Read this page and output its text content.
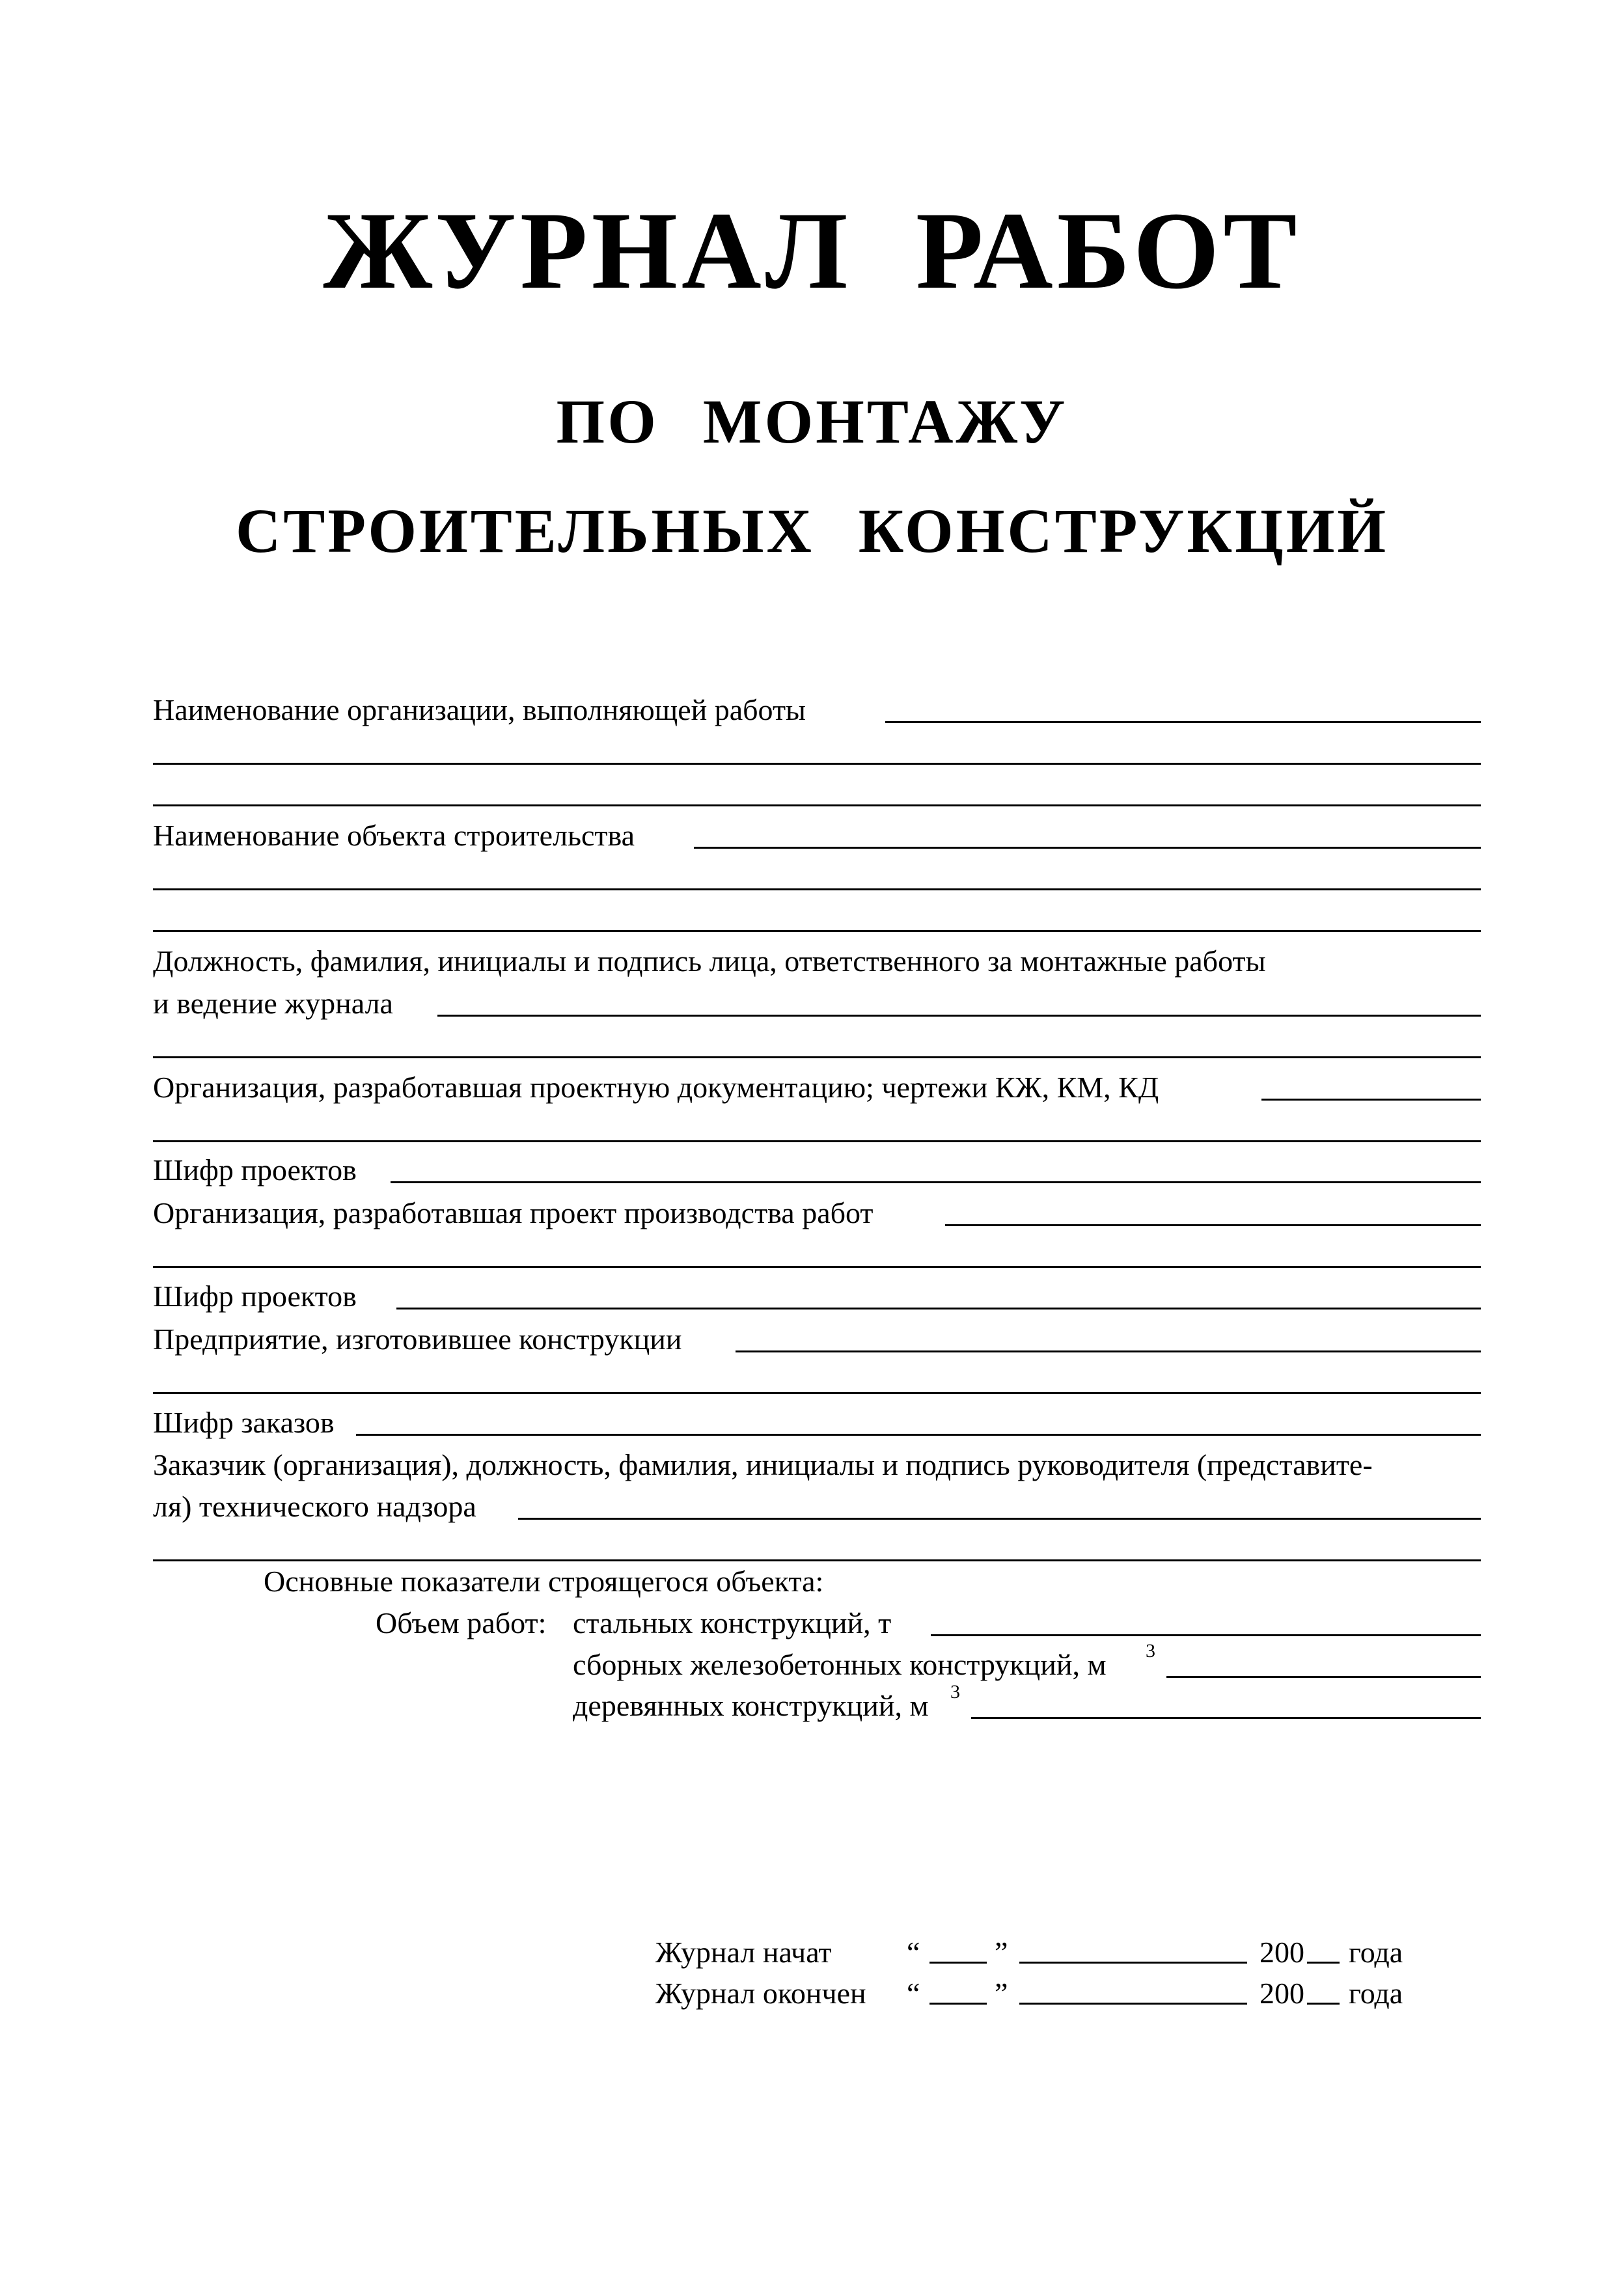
ЖУРНАЛ РАБОТ
ПО МОНТАЖУ
СТРОИТЕЛЬНЫХ КОНСТРУКЦИЙ
Наименование организации, выполняющей работы
Наименование объекта строительства
Должность, фамилия, инициалы и подпись лица, ответственного за монтажные работы
и ведение журнала
Организация, разработавшая проектную документацию; чертежи КЖ, КМ, КД
Шифр проектов
Организация, разработавшая проект производства работ
Шифр проектов
Предприятие, изготовившее конструкции
Шифр заказов
Заказчик (организация), должность, фамилия, инициалы и подпись руководителя (представите-
ля) технического надзора
Основные показатели строящегося объекта:
Объем работ: стальных конструкций, т
сборных железобетонных конструкций, м 3
деревянных конструкций, м 3
Журнал начат	“ ”	200 года
Журнал окончен “ ”	200 года
